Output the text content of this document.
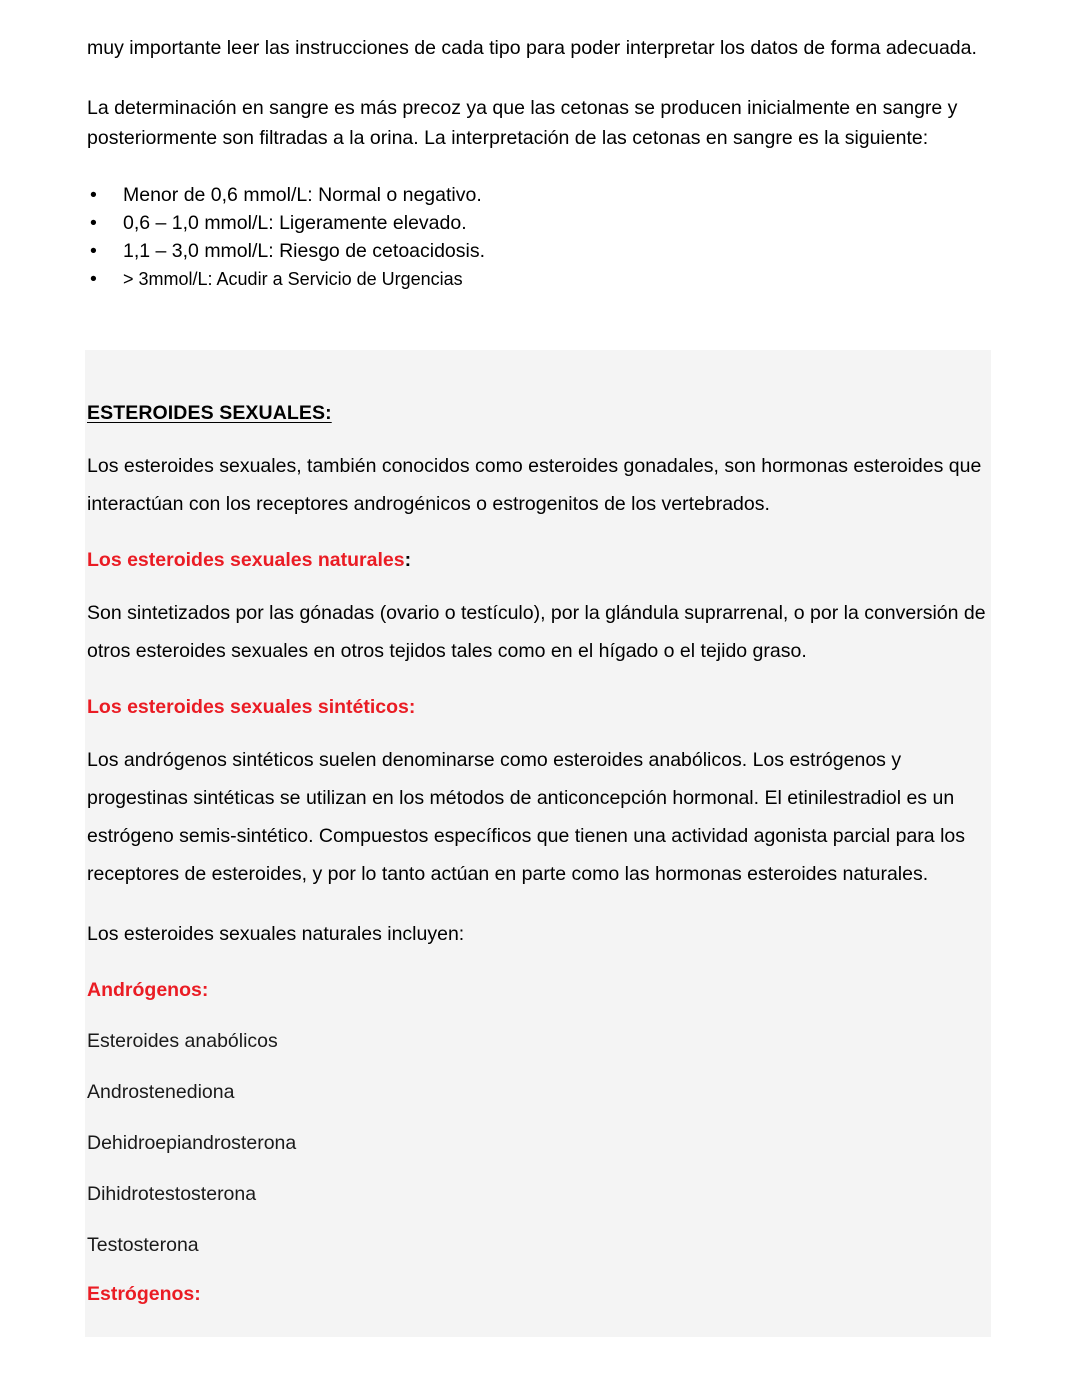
muy importante leer las instrucciones de cada tipo para poder interpretar los datos de forma adecuada.

La determinación en sangre es más precoz ya que las cetonas se producen inicialmente en sangre y posteriormente son filtradas a la orina. La interpretación de las cetonas en sangre es la siguiente:

• Menor de 0,6 mmol/L: Normal o negativo.
• 0,6 – 1,0 mmol/L: Ligeramente elevado.
• 1,1 – 3,0 mmol/L: Riesgo de cetoacidosis.
• > 3mmol/L: Acudir a Servicio de Urgencias
ESTEROIDES SEXUALES:

Los esteroides sexuales, también conocidos como esteroides gonadales, son hormonas esteroides que interactúan con los receptores androgénicos o estrogenitos de los vertebrados.

Los esteroides sexuales naturales:

Son sintetizados por las gónadas (ovario o testículo), por la glándula suprarrenal, o por la conversión de otros esteroides sexuales en otros tejidos tales como en el hígado o el tejido graso.

Los esteroides sexuales sintéticos:

Los andrógenos sintéticos suelen denominarse como esteroides anabólicos. Los estrógenos y progestinas sintéticas se utilizan en los métodos de anticoncepción hormonal. El etinilestradiol es un estrógeno semis-sintético. Compuestos específicos que tienen una actividad agonista parcial para los receptores de esteroides, y por lo tanto actúan en parte como las hormonas esteroides naturales.

Los esteroides sexuales naturales incluyen:

Andrógenos:

Esteroides anabólicos

Androstenediona

Dehidroepiandrosterona

Dihidrotestosterona

Testosterona

Estrógenos:
